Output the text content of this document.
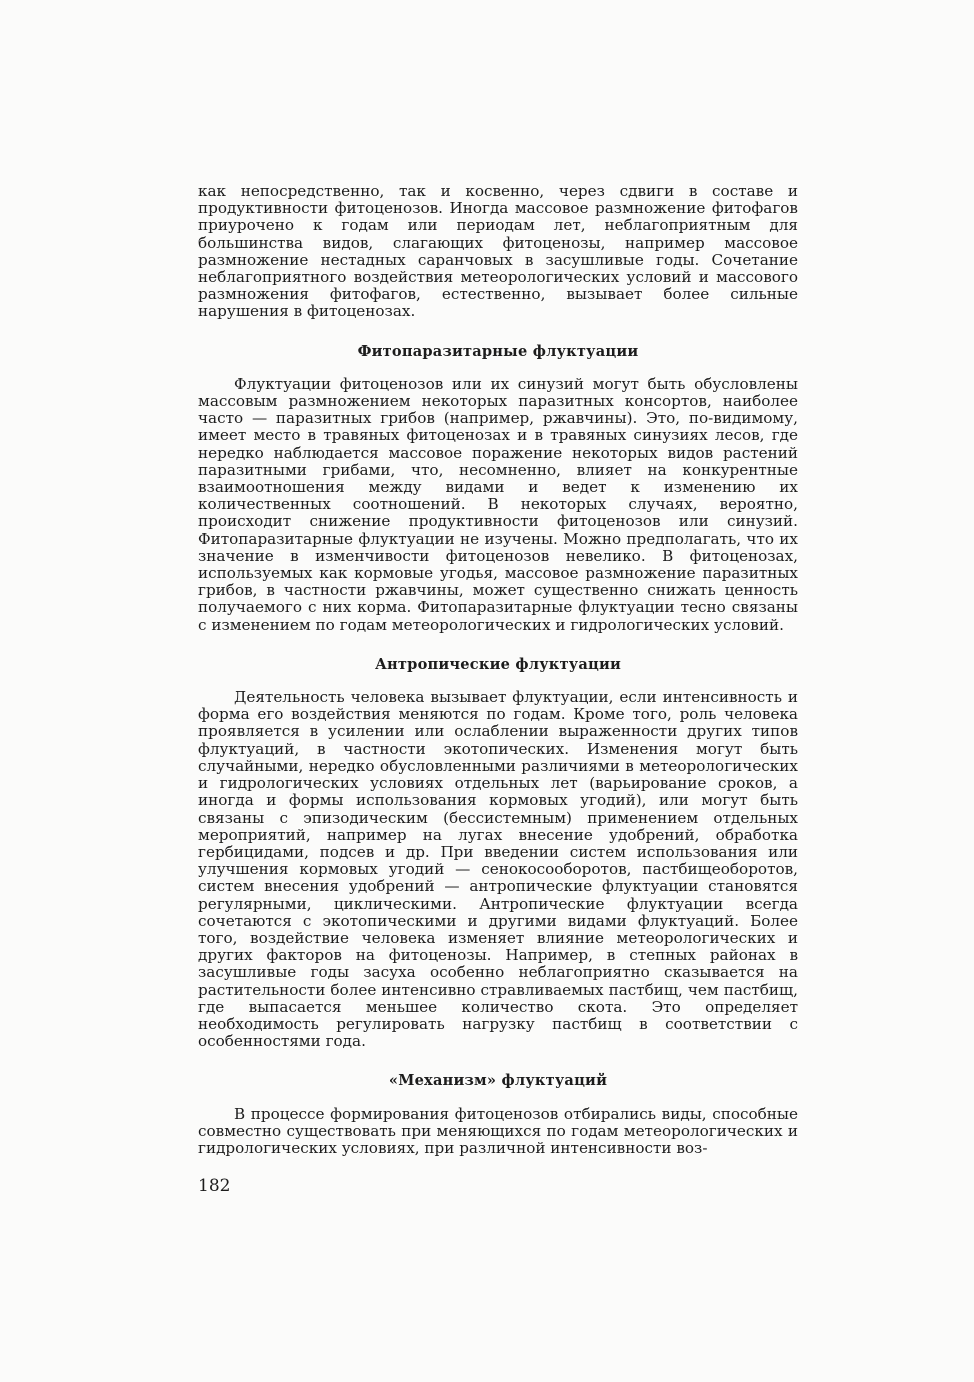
как непосредственно, так и косвенно, через сдвиги в составе и продуктивности фитоценозов. Иногда массовое размножение фитофагов приурочено к годам или периодам лет, неблагоприятным для большинства видов, слагающих фитоценозы, например массовое размножение нестадных саранчовых в засушливые годы. Сочетание неблагоприятного воздействия метеорологических условий и массового размножения фитофагов, естественно, вызывает более сильные нарушения в фитоценозах.

Фитопаразитарные флуктуации

Флуктуации фитоценозов или их синузий могут быть обусловлены массовым размножением некоторых паразитных консортов, наиболее часто — паразитных грибов (например, ржавчины). Это, по-видимому, имеет место в травяных фитоценозах и в травяных синузиях лесов, где нередко наблюдается массовое поражение некоторых видов растений паразитными грибами, что, несомненно, влияет на конкурентные взаимоотношения между видами и ведет к изменению их количественных соотношений. В некоторых случаях, вероятно, происходит снижение продуктивности фитоценозов или синузий. Фитопаразитарные флуктуации не изучены. Можно предполагать, что их значение в изменчивости фитоценозов невелико. В фитоценозах, используемых как кормовые угодья, массовое размножение паразитных грибов, в частности ржавчины, может существенно снижать ценность получаемого с них корма. Фитопаразитарные флуктуации тесно связаны с изменением по годам метеорологических и гидрологических условий.

Антропические флуктуации

Деятельность человека вызывает флуктуации, если интенсивность и форма его воздействия меняются по годам. Кроме того, роль человека проявляется в усилении или ослаблении выраженности других типов флуктуаций, в частности экотопических. Изменения могут быть случайными, нередко обусловленными различиями в метеорологических и гидрологических условиях отдельных лет (варьирование сроков, а иногда и формы использования кормовых угодий), или могут быть связаны с эпизодическим (бессистемным) применением отдельных мероприятий, например на лугах внесение удобрений, обработка гербицидами, подсев и др. При введении систем использования или улучшения кормовых угодий — сенокосооборотов, пастбищеоборотов, систем внесения удобрений — антропические флуктуации становятся регулярными, циклическими. Антропические флуктуации всегда сочетаются с экотопическими и другими видами флуктуаций. Более того, воздействие человека изменяет влияние метеорологических и других факторов на фитоценозы. Например, в степных районах в засушливые годы засуха особенно неблагоприятно сказывается на растительности более интенсивно стравливаемых пастбищ, чем пастбищ, где выпасается меньшее количество скота. Это определяет необходимость регулировать нагрузку пастбищ в соответствии с особенностями года.

«Механизм» флуктуаций

В процессе формирования фитоценозов отбирались виды, способные совместно существовать при меняющихся по годам метеорологических и гидрологических условиях, при различной интенсивности воз-

182
